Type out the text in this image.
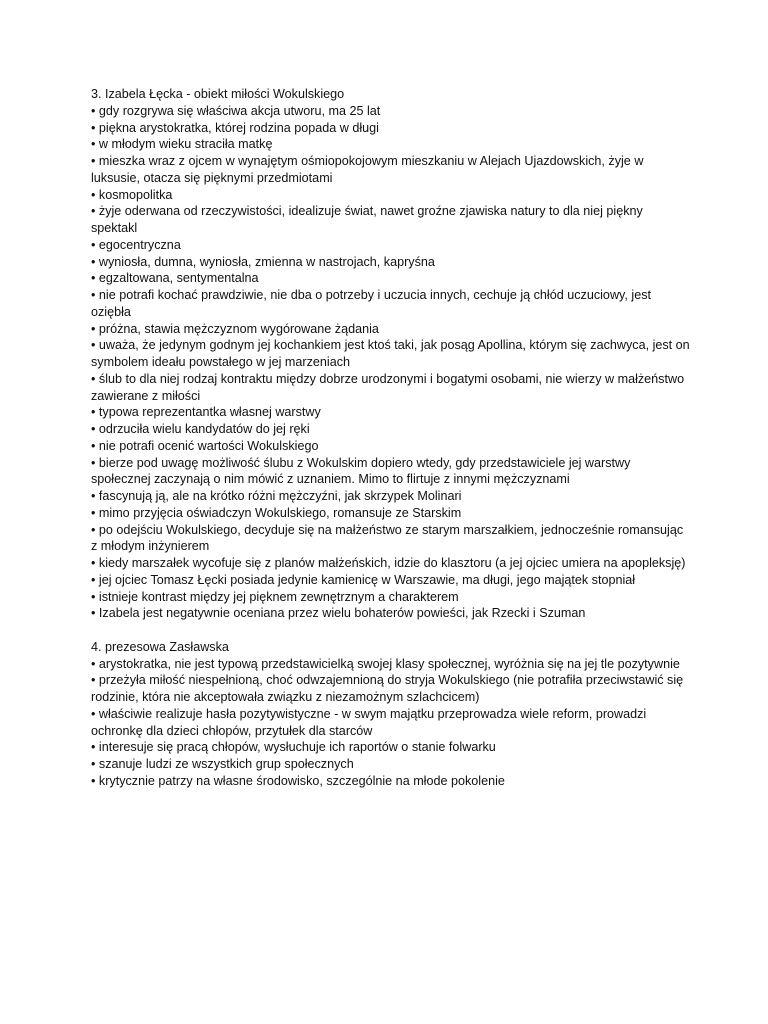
3. Izabela Łęcka - obiekt miłości Wokulskiego

• gdy rozgrywa się właściwa akcja utworu, ma 25 lat
• piękna arystokratka, której rodzina popada w długi
• w młodym wieku straciła matkę
• mieszka wraz z ojcem w wynajętym ośmiopokojowym mieszkaniu w Alejach Ujazdowskich, żyje w luksusie, otacza się pięknymi przedmiotami
• kosmopolitka
• żyje oderwana od rzeczywistości, idealizuje świat, nawet groźne zjawiska natury to dla niej piękny spektakl
• egocentryczna
• wyniosła, dumna, wyniosła, zmienna w nastrojach, kapryśna
• egzaltowana, sentymentalna
• nie potrafi kochać prawdziwie, nie dba o potrzeby i uczucia innych, cechuje ją chłód uczuciowy, jest oziębła
• próżna, stawia mężczyznom wygórowane żądania
• uważa, że jedynym godnym jej kochankiem jest ktoś taki, jak posąg Apollina, którym się zachwyca, jest on symbolem ideału powstałego w jej marzeniach
• ślub to dla niej rodzaj kontraktu między dobrze urodzonymi i bogatymi osobami, nie wierzy w małżeństwo zawierane z miłości
• typowa reprezentantka własnej warstwy
• odrzuciła wielu kandydatów do jej ręki
• nie potrafi ocenić wartości Wokulskiego
• bierze pod uwagę możliwość ślubu z Wokulskim dopiero wtedy, gdy przedstawiciele jej warstwy społecznej zaczynają o nim mówić z uznaniem. Mimo to flirtuje z innymi mężczyznami
• fascynują ją, ale na krótko różni mężczyźni, jak skrzypek Molinari
• mimo przyjęcia oświadczyn Wokulskiego, romansuje ze Starskim
• po odejściu Wokulskiego, decyduje się na małżeństwo ze starym marszałkiem, jednocześnie romansując z młodym inżynierem
• kiedy marszałek wycofuje się z planów małżeńskich, idzie do klasztoru (a jej ojciec umiera na apopleksję)
• jej ojciec Tomasz Łęcki posiada jedynie kamienicę w Warszawie, ma długi, jego majątek stopniał
• istnieje kontrast między jej pięknem zewnętrznym a charakterem
• Izabela jest negatywnie oceniana przez wielu bohaterów powieści, jak Rzecki i Szuman

4. prezesowa Zasławska

• arystokratka, nie jest typową przedstawicielką swojej klasy społecznej, wyróżnia się na jej tle pozytywnie
• przeżyła miłość niespełnioną, choć odwzajemnioną do stryja Wokulskiego (nie potrafiła przeciwstawić się rodzinie, która nie akceptowała związku z niezamożnym szlachcicem)
• właściwie realizuje hasła pozytywistyczne - w swym majątku przeprowadza wiele reform, prowadzi ochronkę dla dzieci chłopów, przytułek dla starców
• interesuje się pracą chłopów, wysłuchuje ich raportów o stanie folwarku
• szanuje ludzi ze wszystkich grup społecznych
• krytycznie patrzy na własne środowisko, szczególnie na młode pokolenie
